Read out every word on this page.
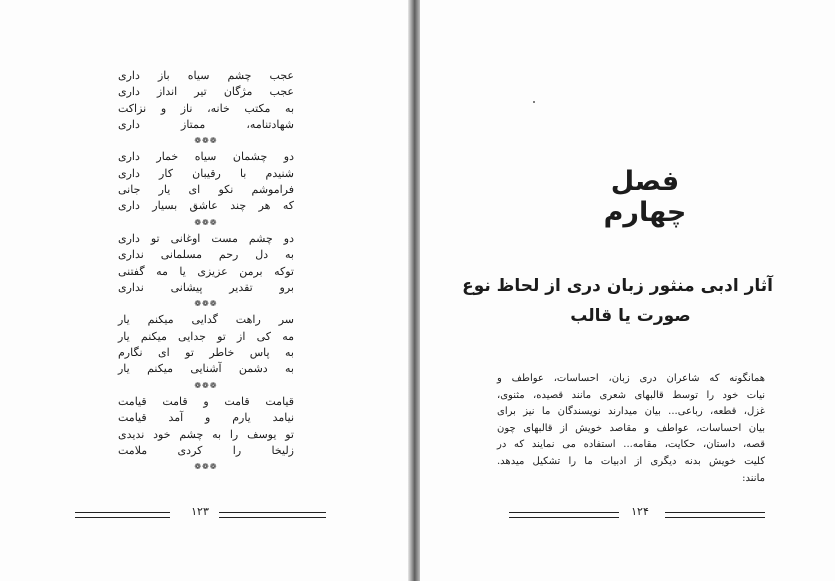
عجب چشم سیاه باز داری
عجب مژگان تیر انداز داری
به مکتب خانه، ناز و نزاکت
شهادتنامه، ممتاز داری
❁❁❁
دو چشمان سیاه خمار داری
شنیدم با رقیبان کار داری
فراموشم نکو ای یار جانی
که هر چند عاشق بسیار داری
❁❁❁
دو چشم مست اوغانی تو داری
به دل رحم مسلمانی نداری
توکه برمن عزیزی یا مه گفتنی
برو تقدیر پیشانی نداری
❁❁❁
سر راهت گدایی میکنم یار
مه کی از تو جدایی میکنم یار
به پاس خاطر تو ای نگارم
به دشمن آشنایی میکنم یار
❁❁❁
قیامت قامت و قامت قیامت
نیامد یارم و آمد قیامت
تو یوسف را به چشم خود ندیدی
زلیخا را کردی ملامت
❁❁❁
۱۲۳
فصل چهارم
آثار ادبی منثور زبان دری از لحاظ نوع
صورت یا قالب
همانگونه که شاعران دری زبان، احساسات، عواطف و
نیات خود را توسط قالبهای شعری مانند قصیده، مثنوی،
غزل، قطعه، رباعی... بیان میدارند نویسندگان ما نیز برای
بیان احساسات، عواطف و مقاصد خویش از قالبهای چون
قصه، داستان، حکایت، مقامه... استفاده می نمایند که در
کلیت خویش بدنه دیگری از ادبیات ما را تشکیل میدهد.
مانند:
۱۲۴
